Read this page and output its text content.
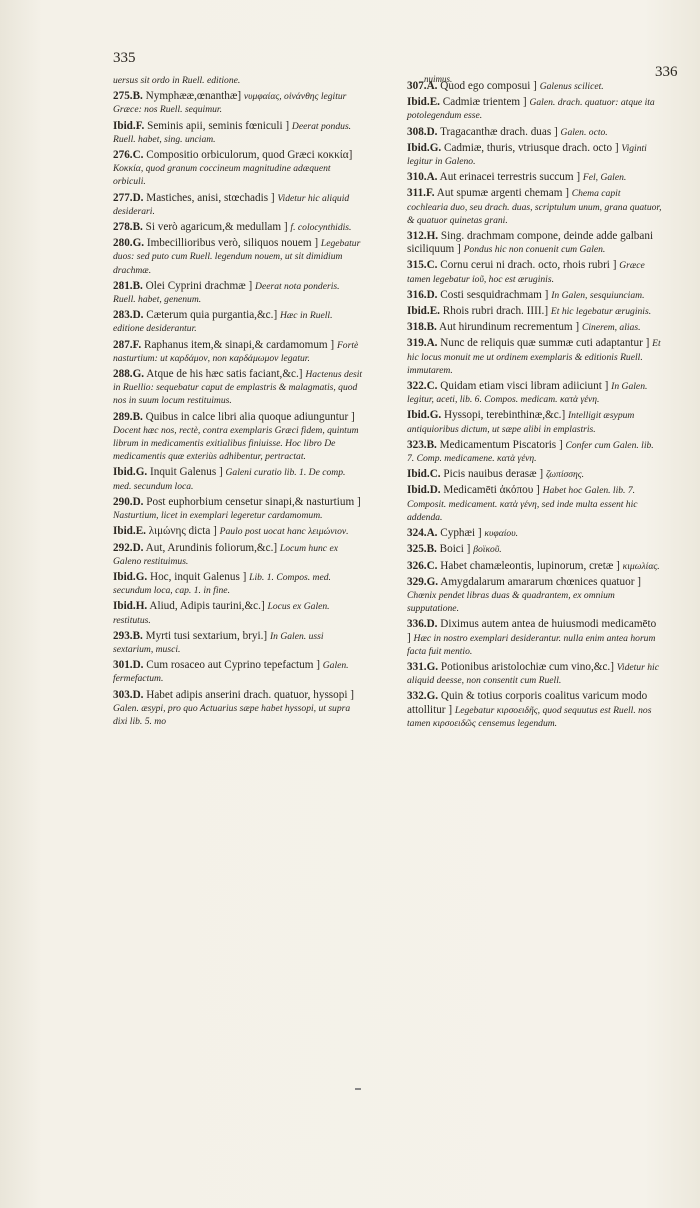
335
336
nuimus.
uersus sit ordo in Ruell. editione.
275.B. Nymphææ,œnanthæ] νυμφαίας, οἰνάνθης legitur Græce: nos Ruell. sequimur.
Ibid.F. Seminis apii, seminis fœniculi ] Deerat pondus. Ruell. habet, sing. unciam.
276.C. Compositio orbiculorum, quod Græci κοκκία] Κοκκία, quod granum coccineum magnitudine adæquent orbiculi.
277.D. Mastiches, anisi, stœchadis ] Videtur hic aliquid desiderari.
278.B. Si verò agaricum,& medullam ] f. colocynthidis.
280.G. Imbecillioribus verò, siliquos nouem ] Legebatur duos: sed puto cum Ruell. legendum nouem, ut sit dimidium drachmæ.
281.B. Olei Cyprini drachmæ ] Deerat nota ponderis. Ruell. habet, genenum.
283.D. Cæterum quia purgantia,&c.] Hæc in Ruell. editione desiderantur.
287.F. Raphanus item,& sinapi,& cardamomum ] Fortè nasturtium: ut καρδάμον, non καρδάμωμον legatur.
288.G. Atque de his hæc satis faciant,&c.] Hactenus desit in Ruellio: sequebatur caput de emplastris & malagmatis, quod nos in suum locum restituimus.
289.B. Quibus in calce libri alia quoque adiunguntur ] Docent hæc nos, rectè, contra exemplaris Græci fidem, quintum librum in medicamentis exitialibus finiuisse. Hoc libro De medicamentis quæ exteriùs adhibentur, pertractat.
Ibid.G. Inquit Galenus ] Galeni curatio lib. 1. De comp. med. secundum loca.
290.D. Post euphorbium censetur sinapi,& nasturtium ] Nasturtium, licet in exemplari legeretur cardamomum.
Ibid.E. λιμώνης dicta ] Paulo post uocat hanc λειμώνιον.
292.D. Aut, Arundinis foliorum,&c.] Locum hunc ex Galeno restituimus.
Ibid.G. Hoc, inquit Galenus ] Lib. 1. Compos. med. secundum loca, cap. 1. in fine.
Ibid.H. Aliud, Adipis taurini,&c.] Locus ex Galen. restitutus.
293.B. Myrti tusi sextarium, bryi.] In Galen. ussi sextarium, musci.
301.D. Cum rosaceo aut Cyprino tepefactum ] Galen. fermefactum.
303.D. Habet adipis anserini drach. quatuor, hyssopi ] Galen. æsypi, pro quo Actuarius sæpe habet hyssopi, ut supra dixi lib. 5. mo
307.A. Quod ego composui ] Galenus scilicet.
Ibid.E. Cadmiæ trientem ] Galen. drach. quatuor: atque ita potolegendum esse.
308.D. Tragacanthæ drach. duas ] Galen. octo.
Ibid.G. Cadmiæ, thuris, vtriusque drach. octo ] Viginti legitur in Galeno.
310.A. Aut erinacei terrestris succum ] Fel, Galen.
311.F. Aut spumæ argenti chemam ] Chema capit cochlearia duo, seu drach. duas, scriptulum unum, grana quatuor, & quatuor quinetas grani.
312.H. Sing. drachmam compone, deinde adde galbani siciliquum ] Pondus hic non conuenit cum Galen.
315.C. Cornu cerui ni drach. octo, rhois rubri ] Græce tamen legebatur ἰοῦ, hoc est æruginis.
316.D. Costi sesquidrachmam ] In Galen, sesquiunciam.
Ibid.E. Rhois rubri drach. IIII.] Et hic legebatur æruginis.
318.B. Aut hirundinum recrementum ] Cinerem, alias.
319.A. Nunc de reliquis quæ summæ cuti adaptantur ] Et hic locus monuit me ut ordinem exemplaris & editionis Ruell. immutarem.
322.C. Quidam etiam visci libram adiiciunt ] In Galen. legitur, aceti, lib. 6. Compos. medicam. κατὰ γένη.
Ibid.G. Hyssopi, terebinthinæ,&c.] Intelligit æsypum antiquioribus dictum, ut sæpe alibi in emplastris.
323.B. Medicamentum Piscatoris ] Confer cum Galen. lib. 7. Comp. medicamene. κατὰ γένη.
Ibid.C. Picis nauibus derasæ ] ζωπίσσης.
Ibid.D. Medicamēti ἀκόπου ] Habet hoc Galen. lib. 7. Composit. medicament. κατὰ γένη, sed inde multa essent hic addenda.
324.A. Cyphæi ] κυφαίου.
325.B. Boici ] βοϊκοῦ.
326.C. Habet chamæleontis, lupinorum, cretæ ] κιμωλίας.
329.G. Amygdalarum amararum chœnices quatuor ] Chœnix pendet libras duas & quadrantem, ex omnium supputatione.
336.D. Diximus autem antea de huiusmodi medicamēto ] Hæc in nostro exemplari desiderantur. nulla enim antea horum facta fuit mentio.
331.G. Potionibus aristolochiæ cum vino,&c.] Videtur hic aliquid deesse, non consentit cum Ruell.
332.G. Quin & totius corporis coalitus varicum modo attollitur ] Legebatur κιρσοειδῆς, quod sequutus est Ruell. nos tamen κιρσοειδῶς censemus legendum.
